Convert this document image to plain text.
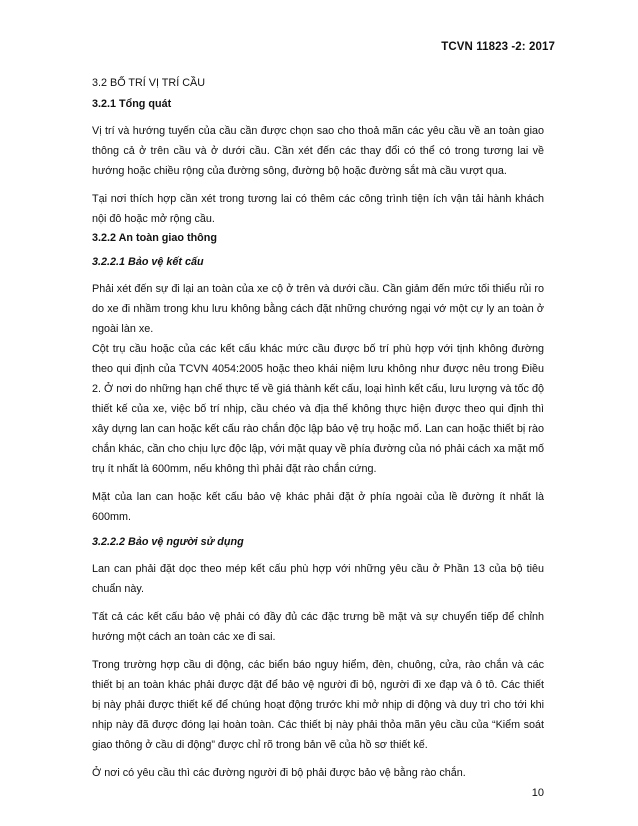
TCVN 11823 -2: 2017
3.2 BỐ TRÍ VỊ TRÍ CẦU
3.2.1 Tổng quát

Vị trí và hướng tuyến của cầu cần được chọn sao cho thoả mãn các yêu cầu về an toàn giao thông cả ở trên cầu và ở dưới cầu. Cần xét đến các thay đổi có thể có trong tương lai về hướng hoặc chiều rộng của đường sông, đường bộ hoặc đường sắt mà cầu vượt qua.

Tại nơi thích hợp cần xét trong tương lai có thêm các công trình tiện ích vận tải hành khách nội đô hoặc mở rộng cầu.

3.2.2 An toàn giao thông
3.2.2.1 Bảo vệ kết cấu

Phải xét đến sự đi lại an toàn của xe cộ ở trên và dưới cầu. Cần giảm đến mức tối thiểu rủi ro do xe đi nhầm trong khu lưu không bằng cách đặt những chướng ngại vớ một cự ly an toàn ở ngoài làn xe.

Cột trụ cầu hoặc của các kết cấu khác mức cầu được bố trí phù hợp với tịnh không đường theo qui định của TCVN 4054:2005 hoặc theo khái niệm lưu không như được nêu trong Điều 2. Ở nơi do những hạn chế thực tế về giá thành kết cấu, loại hình kết cấu, lưu lượng và tốc độ thiết kế của xe, việc bố trí nhịp, cầu chéo và địa thế không thực hiện được theo qui định thì xây dựng lan can hoặc kết cấu rào chắn độc lập bảo vệ trụ hoặc mố. Lan can hoặc thiết bị rào chắn khác, cần cho chịu lực độc lập, với mặt quay về phía đường của nó phải cách xa mặt mố trụ ít nhất là 600mm, nếu không thì phải đặt rào chắn cứng.

Mặt của lan can hoặc kết cấu bảo vệ khác phải đặt ở phía ngoài của lề đường ít nhất là 600mm.

3.2.2.2 Bảo vệ người sử dụng

Lan can phải đặt dọc theo mép kết cấu phù hợp với những yêu cầu ở Phần 13 của bộ tiêu chuẩn này.

Tất cả các kết cấu bảo vệ phải có đầy đủ các đặc trưng bề mặt và sự chuyển tiếp để chỉnh hướng một cách an toàn các xe đi sai.

Trong trường hợp cầu di động, các biển báo nguy hiểm, đèn, chuông, cửa, rào chắn và các thiết bị an toàn khác phải được đặt để bảo vệ người đi bộ, người đi xe đạp và ô tô. Các thiết bị này phải được thiết kế để chúng hoạt động trước khi mở nhịp di động và duy trì cho tới khi nhịp này đã được đóng lại hoàn toàn. Các thiết bị này phải thỏa mãn yêu cầu của “Kiểm soát giao thông ở cầu di động” được chỉ rõ trong bản vẽ của hồ sơ thiết kế.

Ở nơi có yêu cầu thì các đường người đi bộ phải được bảo vệ bằng rào chắn.

10
